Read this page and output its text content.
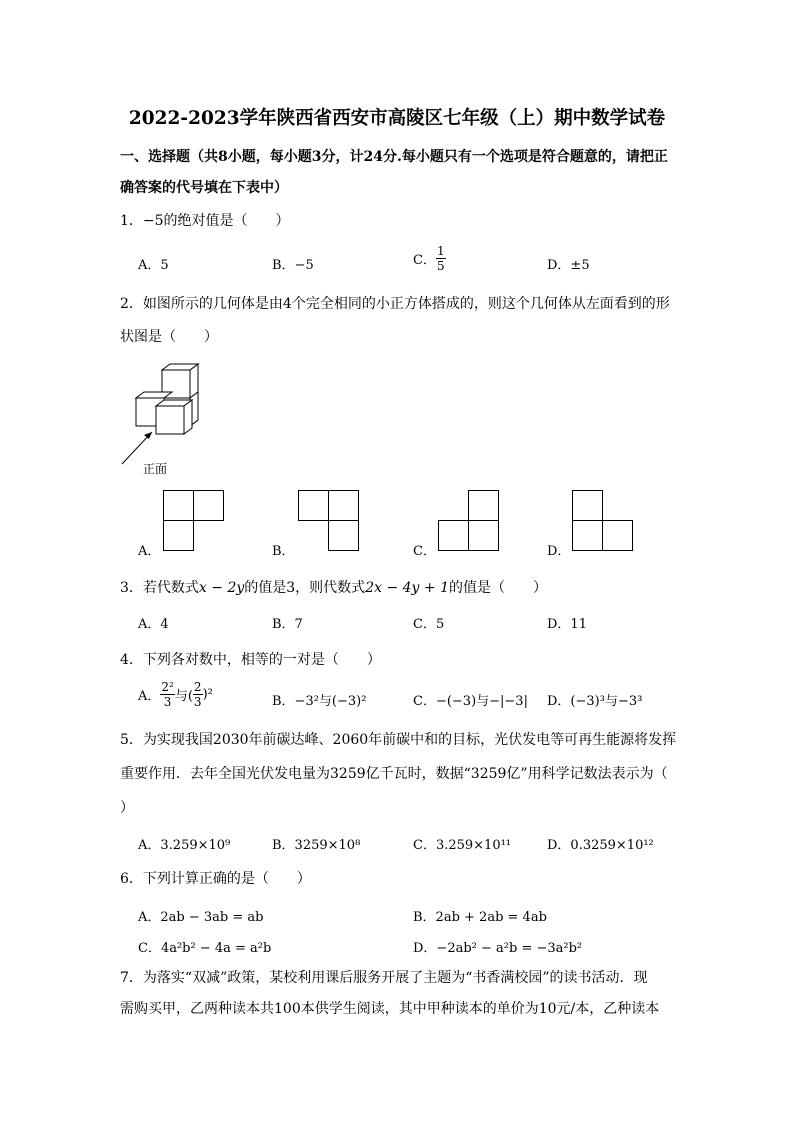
2022-2023学年陕西省西安市高陵区七年级（上）期中数学试卷
一、选择题（共8小题，每小题3分，计24分.每小题只有一个选项是符合题意的，请把正
确答案的代号填在下表中）
1．−5的绝对值是（　　）
A．5	B．−5	C． $\frac{1}{5}$	D．±5
2．如图所示的几何体是由4个完全相同的小正方体搭成的，则这个几何体从左面看到的形
状图是（　　）
正面
A．	B．	C．	D．
3．若代数式x − 2y的值是3，则代数式2x − 4y + 1的值是（　　）
A．4	B．7	C．5	D．11
4．下列各对数中，相等的一对是（　　）
A． $\frac{\text{2²}}{3}$ 与( $\frac{2}{3} )^2$	B．−3²与(−3)²	C．−(−3)与−|−3| D．(−3)³与−3³
5．为实现我国2030年前碳达峰、2060年前碳中和的目标，光伏发电等可再生能源将发挥
重要作用．去年全国光伏发电量为3259亿千瓦时，数据“3259亿”用科学记数法表示为（
）
A．3.259×10⁹	B．3259×10⁸	C．3.259×10¹¹	D．0.3259×10¹²
6．下列计算正确的是（　　）
A．2ab − 3ab = ab	B．2ab + 2ab = 4ab
C．4a²b² − 4a = a²b	D．−2ab² − a²b = −3a²b²
7．为落实“双减”政策，某校利用课后服务开展了主题为“书香满校园”的读书活动．现
需购买甲，乙两种读本共100本供学生阅读，其中甲种读本的单价为10元/本，乙种读本
